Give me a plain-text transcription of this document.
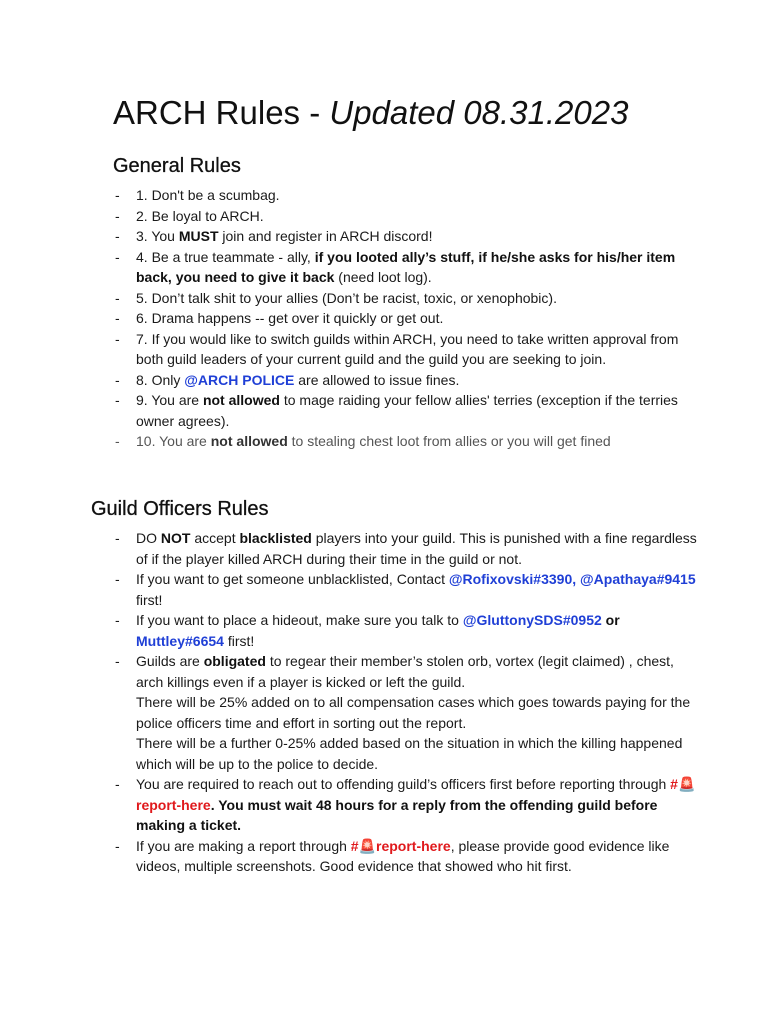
ARCH Rules - Updated 08.31.2023
General Rules
- 1. Don't be a scumbag.
- 2. Be loyal to ARCH.
- 3. You MUST join and register in ARCH discord!
- 4. Be a true teammate - ally, if you looted ally’s stuff, if he/she asks for his/her item back, you need to give it back (need loot log).
- 5. Don’t talk shit to your allies (Don’t be racist, toxic, or xenophobic).
- 6. Drama happens -- get over it quickly or get out.
- 7. If you would like to switch guilds within ARCH, you need to take written approval from both guild leaders of your current guild and the guild you are seeking to join.
- 8. Only @ARCH POLICE are allowed to issue fines.
- 9. You are not allowed to mage raiding your fellow allies' terries (exception if the terries owner agrees).
- 10. You are not allowed to stealing chest loot from allies or you will get fined
Guild Officers Rules
- DO NOT accept blacklisted players into your guild. This is punished with a fine regardless of if the player killed ARCH during their time in the guild or not.
- If you want to get someone unblacklisted, Contact @Rofixovski#3390, @Apathaya#9415 first!
- If you want to place a hideout, make sure you talk to @GluttonySDS#0952 or Muttley#6654 first!
- Guilds are obligated to regear their member’s stolen orb, vortex (legit claimed) , chest, arch killings even if a player is kicked or left the guild.
There will be 25% added on to all compensation cases which goes towards paying for the police officers time and effort in sorting out the report.
There will be a further 0-25% added based on the situation in which the killing happened which will be up to the police to decide.
- You are required to reach out to offending guild’s officers first before reporting through #🚨report-here. You must wait 48 hours for a reply from the offending guild before making a ticket.
- If you are making a report through #🚨report-here, please provide good evidence like videos, multiple screenshots. Good evidence that showed who hit first.
